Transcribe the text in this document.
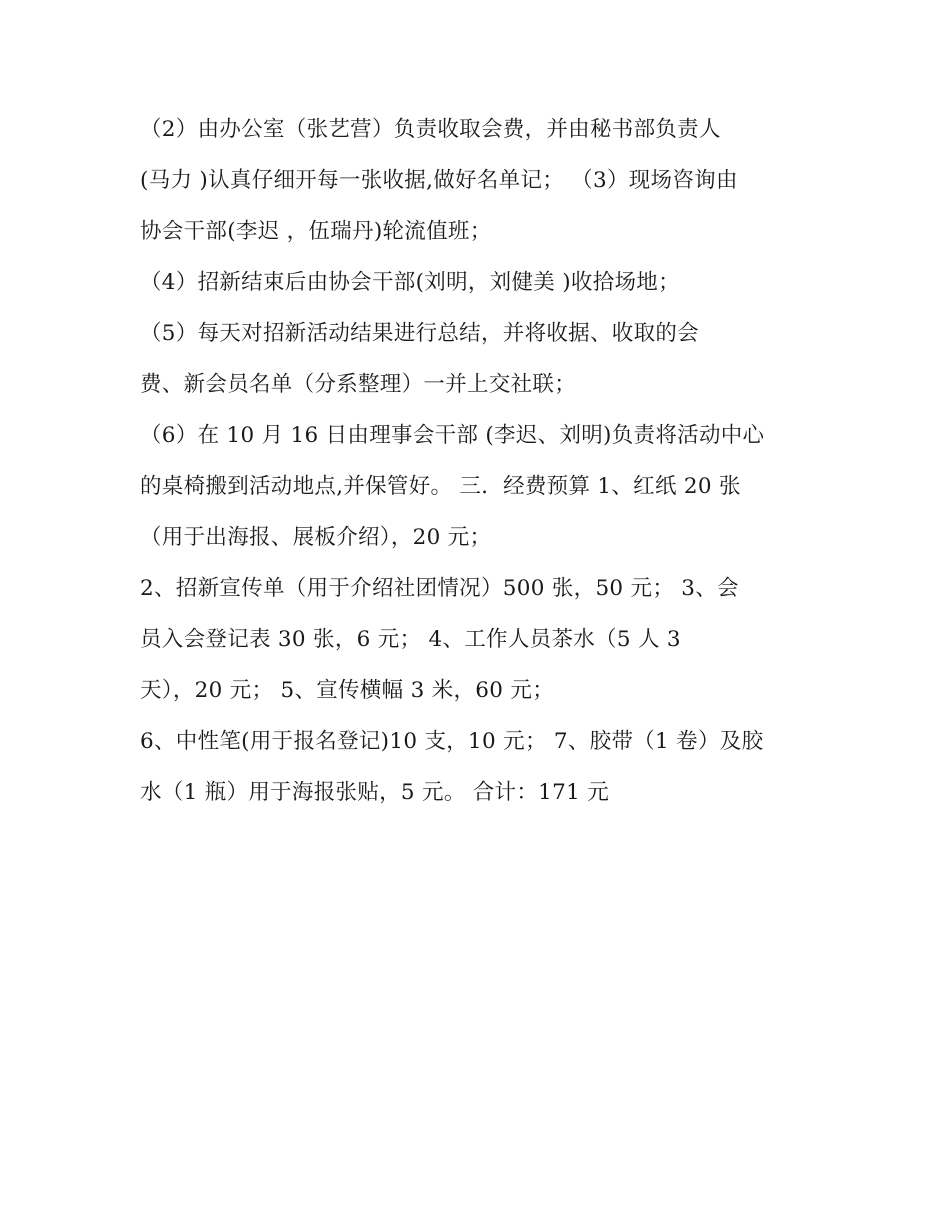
（2）由办公室（张艺营）负责收取会费，并由秘书部负责人
(马力 )认真仔细开每一张收据,做好名单记； （3）现场咨询由
协会干部(李迟 ，伍瑞丹)轮流值班；
（4）招新结束后由协会干部(刘明，刘健美 )收拾场地；
（5）每天对招新活动结果进行总结，并将收据、收取的会
费、新会员名单（分系整理）一并上交社联；
（6）在 10 月 16 日由理事会干部 (李迟、刘明)负责将活动中心
的桌椅搬到活动地点,并保管好。 三．经费预算 1、红纸 20 张
（用于出海报、展板介绍），20 元；
2、招新宣传单（用于介绍社团情况）500 张，50 元； 3、会
员入会登记表 30 张，6 元； 4、工作人员茶水（5 人 3
天），20 元； 5、宣传横幅 3 米，60 元；
6、中性笔(用于报名登记)10 支，10 元； 7、胶带（1 卷）及胶
水（1 瓶）用于海报张贴，5 元。 合计：171 元
